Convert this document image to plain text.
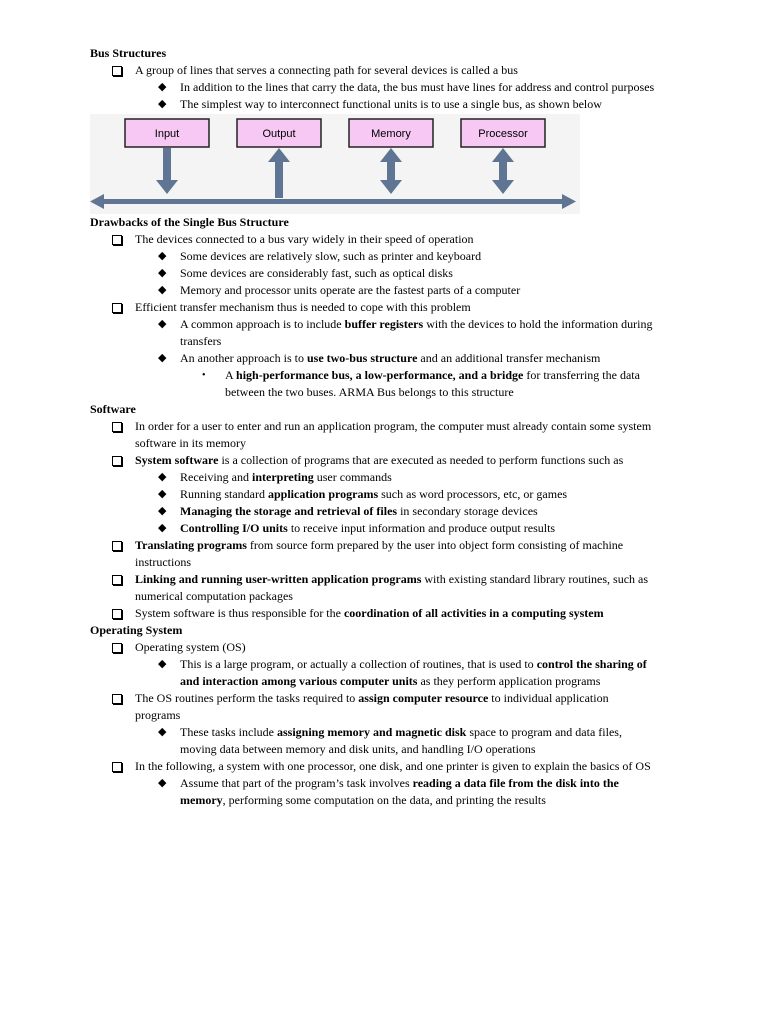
Bus Structures
A group of lines that serves a connecting path for several devices is called a bus
◆ In addition to the lines that carry the data, the bus must have lines for address and control purposes
◆ The simplest way to interconnect functional units is to use a single bus, as shown below
Input	Output	Memory	Processor
Drawbacks of the Single Bus Structure
The devices connected to a bus vary widely in their speed of operation
◆ Some devices are relatively slow, such as printer and keyboard
◆ Some devices are considerably fast, such as optical disks
◆ Memory and processor units operate are the fastest parts of a computer
Efficient transfer mechanism thus is needed to cope with this problem
◆ A common approach is to include buffer registers with the devices to hold the information during
transfers
◆ An another approach is to use two-bus structure and an additional transfer mechanism
• A high-performance bus, a low-performance, and a bridge for transferring the data
between the two buses. ARMA Bus belongs to this structure
Software
In order for a user to enter and run an application program, the computer must already contain some system
software in its memory
System software is a collection of programs that are executed as needed to perform functions such as
◆ Receiving and interpreting user commands
◆ Running standard application programs such as word processors, etc, or games
◆ Managing the storage and retrieval of files in secondary storage devices
◆ Controlling I/O units to receive input information and produce output results
Translating programs from source form prepared by the user into object form consisting of machine
instructions
Linking and running user-written application programs with existing standard library routines, such as
numerical computation packages
System software is thus responsible for the coordination of all activities in a computing system
Operating System
Operating system (OS)
◆ This is a large program, or actually a collection of routines, that is used to control the sharing of
and interaction among various computer units as they perform application programs
The OS routines perform the tasks required to assign computer resource to individual application
programs
◆ These tasks include assigning memory and magnetic disk space to program and data files,
moving data between memory and disk units, and handling I/O operations
In the following, a system with one processor, one disk, and one printer is given to explain the basics of OS
◆ Assume that part of the program’s task involves reading a data file from the disk into the
memory, performing some computation on the data, and printing the results
